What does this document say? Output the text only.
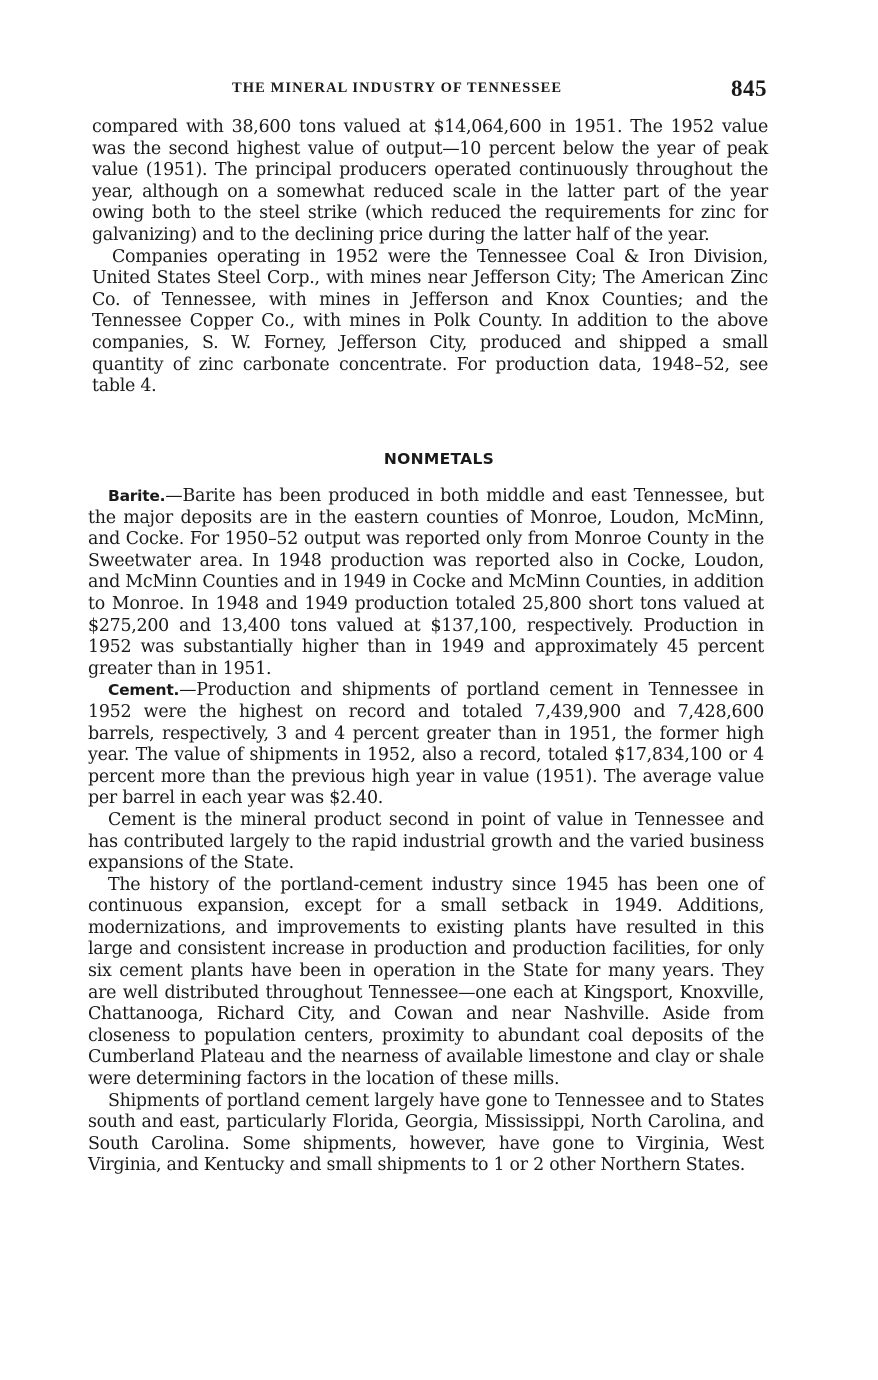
THE MINERAL INDUSTRY OF TENNESSEE	845

compared with 38,600 tons valued at $14,064,600 in 1951. The 1952 value was the second highest value of output—10 percent below the year of peak value (1951). The principal producers operated continuously throughout the year, although on a somewhat reduced scale in the latter part of the year owing both to the steel strike (which reduced the requirements for zinc for galvanizing) and to the declining price during the latter half of the year.

Companies operating in 1952 were the Tennessee Coal & Iron Division, United States Steel Corp., with mines near Jefferson City; The American Zinc Co. of Tennessee, with mines in Jefferson and Knox Counties; and the Tennessee Copper Co., with mines in Polk County. In addition to the above companies, S. W. Forney, Jefferson City, produced and shipped a small quantity of zinc carbonate concentrate. For production data, 1948–52, see table 4.

NONMETALS

Barite.—Barite has been produced in both middle and east Tennessee, but the major deposits are in the eastern counties of Monroe, Loudon, McMinn, and Cocke. For 1950–52 output was reported only from Monroe County in the Sweetwater area. In 1948 production was reported also in Cocke, Loudon, and McMinn Counties and in 1949 in Cocke and McMinn Counties, in addition to Monroe. In 1948 and 1949 production totaled 25,800 short tons valued at $275,200 and 13,400 tons valued at $137,100, respectively. Production in 1952 was substantially higher than in 1949 and approximately 45 percent greater than in 1951.

Cement.—Production and shipments of portland cement in Tennessee in 1952 were the highest on record and totaled 7,439,900 and 7,428,600 barrels, respectively, 3 and 4 percent greater than in 1951, the former high year. The value of shipments in 1952, also a record, totaled $17,834,100 or 4 percent more than the previous high year in value (1951). The average value per barrel in each year was $2.40.

Cement is the mineral product second in point of value in Tennessee and has contributed largely to the rapid industrial growth and the varied business expansions of the State.

The history of the portland-cement industry since 1945 has been one of continuous expansion, except for a small setback in 1949. Additions, modernizations, and improvements to existing plants have resulted in this large and consistent increase in production and production facilities, for only six cement plants have been in operation in the State for many years. They are well distributed throughout Tennessee—one each at Kingsport, Knoxville, Chattanooga, Richard City, and Cowan and near Nashville. Aside from closeness to population centers, proximity to abundant coal deposits of the Cumberland Plateau and the nearness of available limestone and clay or shale were determining factors in the location of these mills.

Shipments of portland cement largely have gone to Tennessee and to States south and east, particularly Florida, Georgia, Mississippi, North Carolina, and South Carolina. Some shipments, however, have gone to Virginia, West Virginia, and Kentucky and small shipments to 1 or 2 other Northern States.
